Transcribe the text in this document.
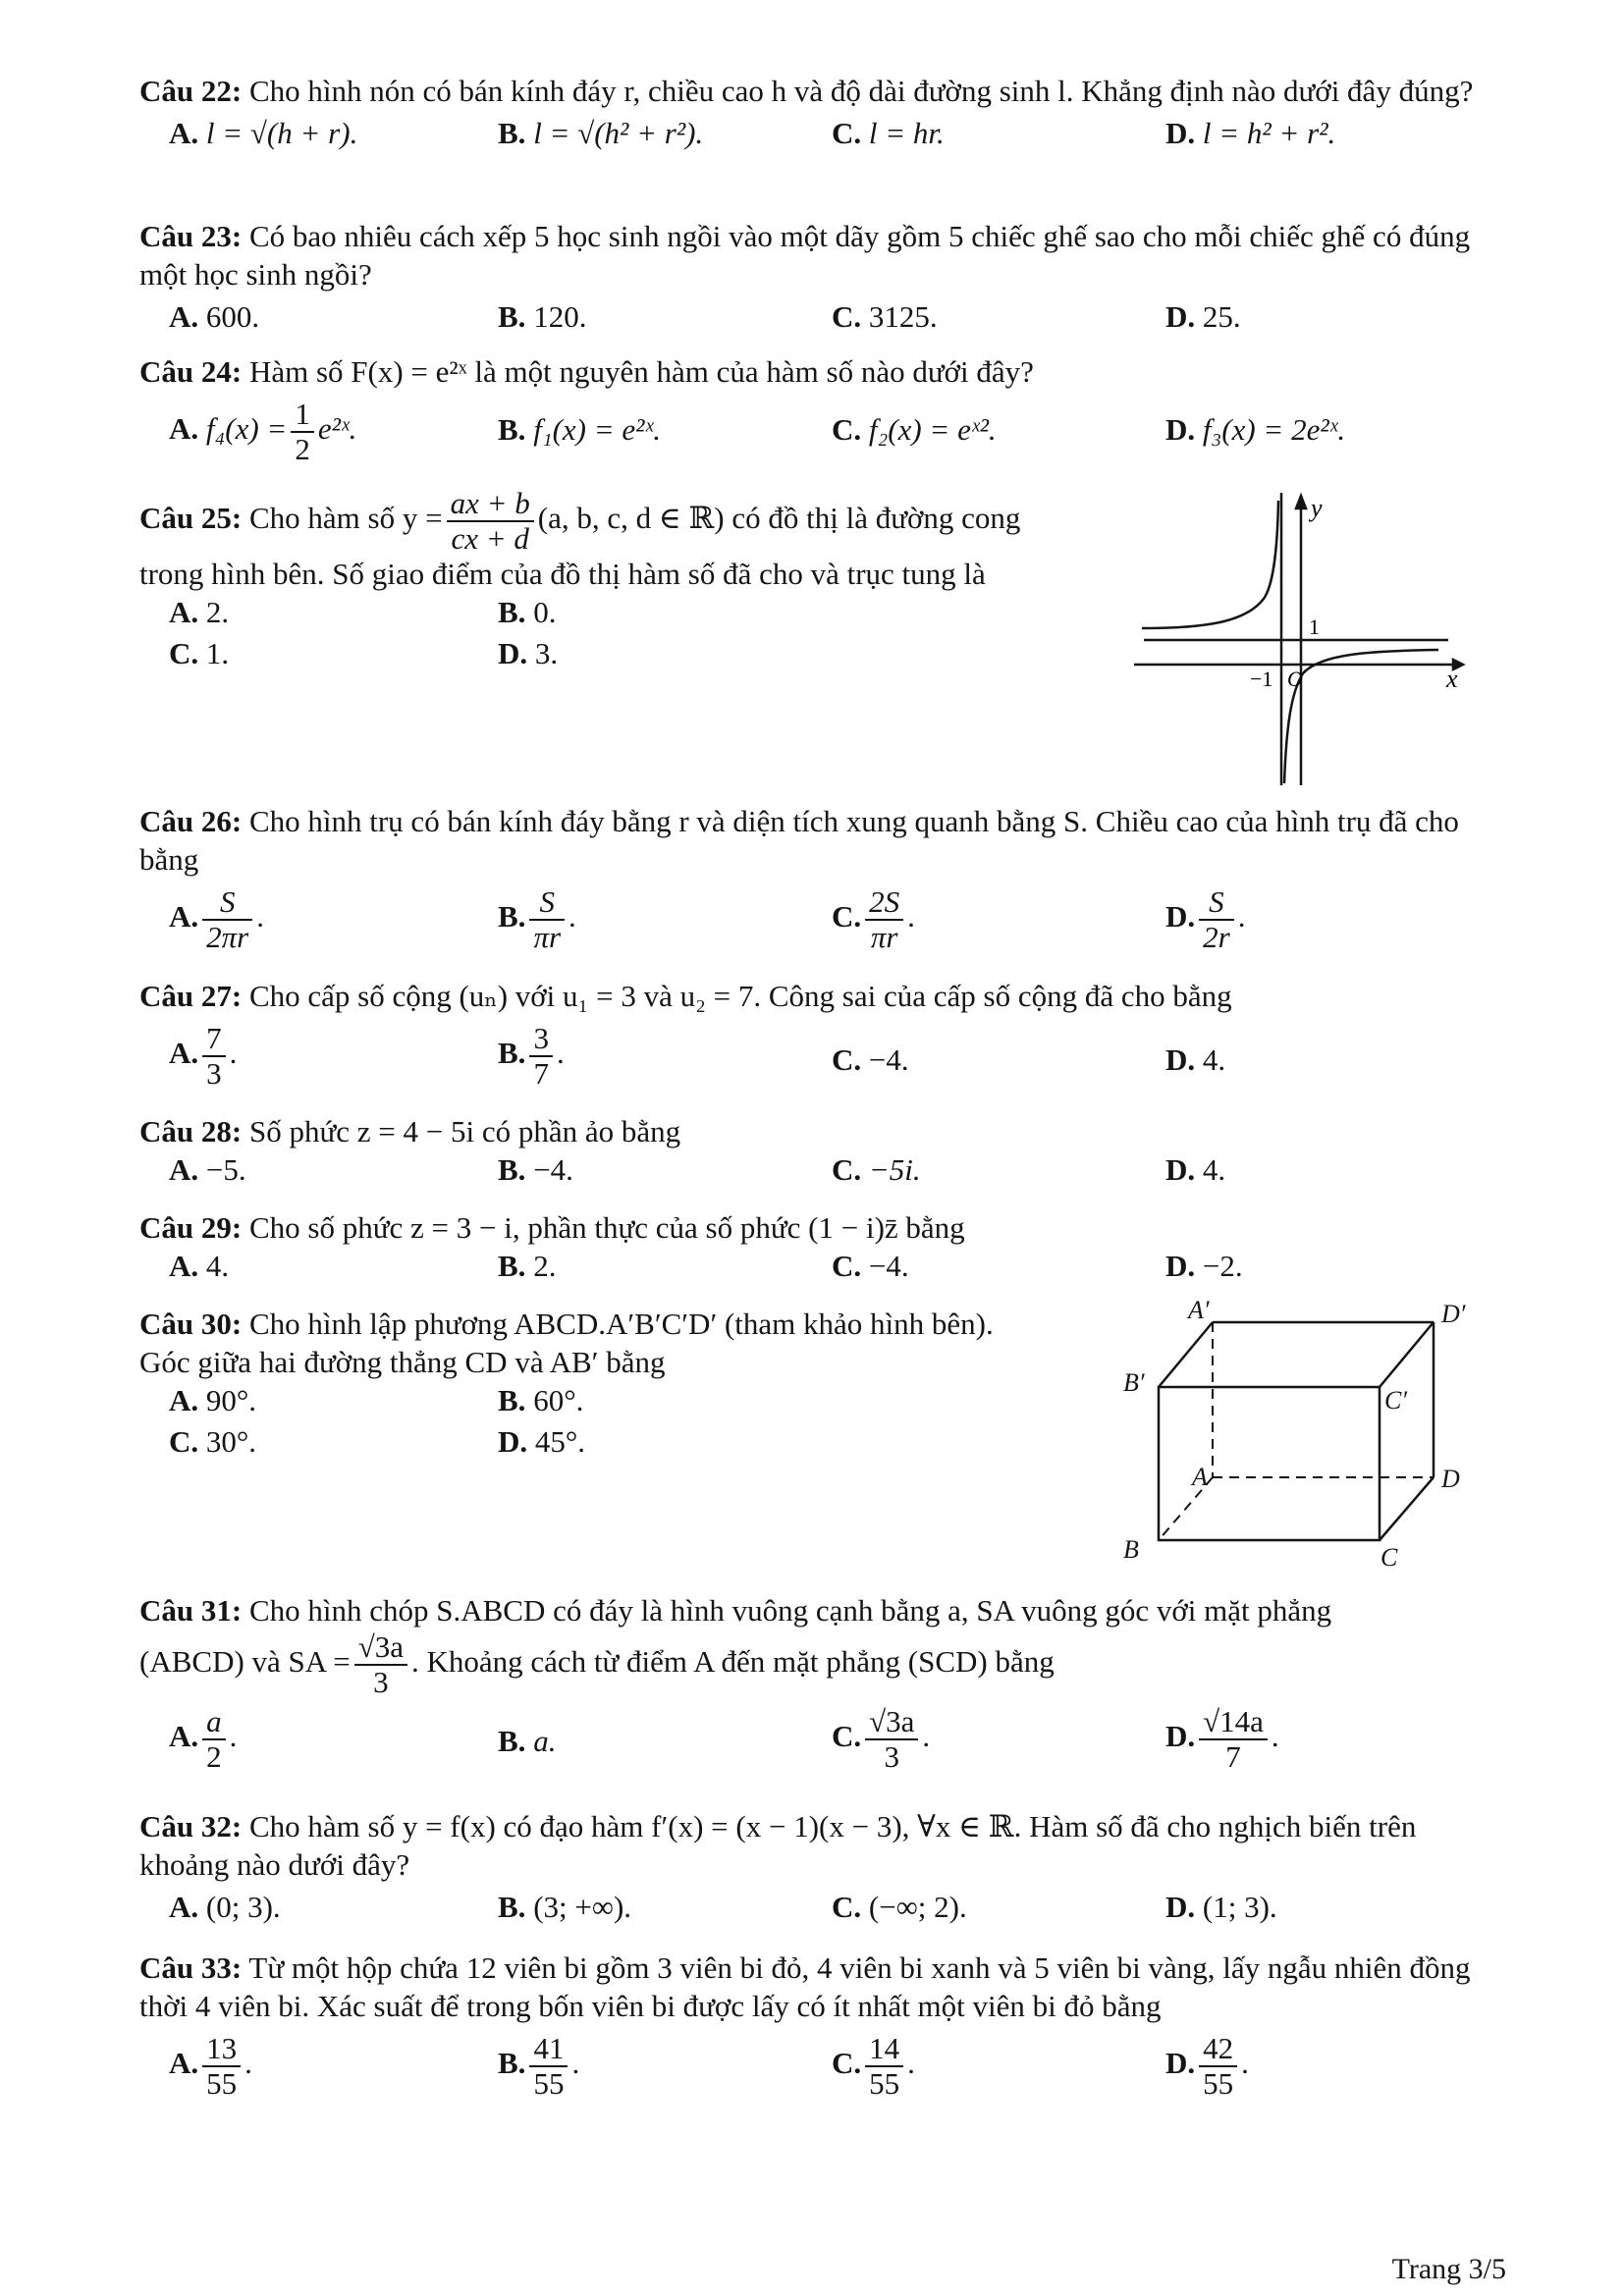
Câu 22: Cho hình nón có bán kính đáy r, chiều cao h và độ dài đường sinh l. Khẳng định nào dưới đây đúng?

A. l = √(h + r).	B. l = √(h² + r²).	C. l = hr.	D. l = h² + r².

Câu 23: Có bao nhiêu cách xếp 5 học sinh ngồi vào một dãy gồm 5 chiếc ghế sao cho mỗi chiếc ghế có đúng một học sinh ngồi?

A. 600.	B. 120.	C. 3125.	D. 25.

Câu 24: Hàm số F(x) = e²ˣ là một nguyên hàm của hàm số nào dưới đây?

A. $f_4(x) = \frac{1}{2}$ e²ˣ.	B. f₁(x) = e²ˣ.	C. f₂(x) = eˣ².	D. f₃(x) = 2e²ˣ.

Câu 25: Cho hàm số $y = \frac{ax + b}{cx + d} (a$, b, c, d ∈ ℝ) có đồ thị là đường cong

trong hình bên. Số giao điểm của đồ thị hàm số đã cho và trục tung là

A. 2.	B. 0.
C. 1.	D. 3.
y
x
1
−1 O

Câu 26: Cho hình trụ có bán kính đáy bằng r và diện tích xung quanh bằng S. Chiều cao của hình trụ đã cho bằng

A. $\frac{S}{2\pi r}$ .	B. $\frac{S}{\pi r}$ .	C. $\frac{2S}{\pi r}$ .	D. $\frac{S}{2r}$ .

Câu 27: Cho cấp số cộng (uₙ) với u₁ = 3 và u₂ = 7. Công sai của cấp số cộng đã cho bằng

A. $\frac{7}{3}$ .	B. $\frac{3}{7}$ .	C. −4.	D. 4.

Câu 28: Số phức z = 4 − 5i có phần ảo bằng

A. −5.	B. −4.	C. −5i.	D. 4.

Câu 29: Cho số phức z = 3 − i, phần thực của số phức (1 − i)z̄ bằng

A. 4.	B. 2.	C. −4.	D. −2.

Câu 30: Cho hình lập phương ABCD.A′B′C′D′ (tham khảo hình bên).

Góc giữa hai đường thẳng CD và AB′ bằng

A. 90°.	B. 60°.
C. 30°.	D. 45°.
A′	D′
B′
C′
A	D
B	C

Câu 31: Cho hình chóp S.ABCD có đáy là hình vuông cạnh bằng a, SA vuông góc với mặt phẳng

(ABCD) và SA = $\frac{√3a}{3}$ . Khoảng cách từ điểm A đến mặt phẳng (SCD) bằng

A. $\frac{a}{2}$ .	B. a.	C. $\frac{√3a}{3}$ .	D. $\frac{√14a}{7}$ .

Câu 32: Cho hàm số y = f(x) có đạo hàm f′(x) = (x − 1)(x − 3), ∀x ∈ ℝ. Hàm số đã cho nghịch biến trên khoảng nào dưới đây?

A. (0; 3).	B. (3; +∞).	C. (−∞; 2).	D. (1; 3).

Câu 33: Từ một hộp chứa 12 viên bi gồm 3 viên bi đỏ, 4 viên bi xanh và 5 viên bi vàng, lấy ngẫu nhiên đồng thời 4 viên bi. Xác suất để trong bốn viên bi được lấy có ít nhất một viên bi đỏ bằng

A. $\frac{13}{55}$ .	B. $\frac{41}{55}$ .	C. $\frac{14}{55}$ .	D. $\frac{42}{55}$ .
Trang 3/5
